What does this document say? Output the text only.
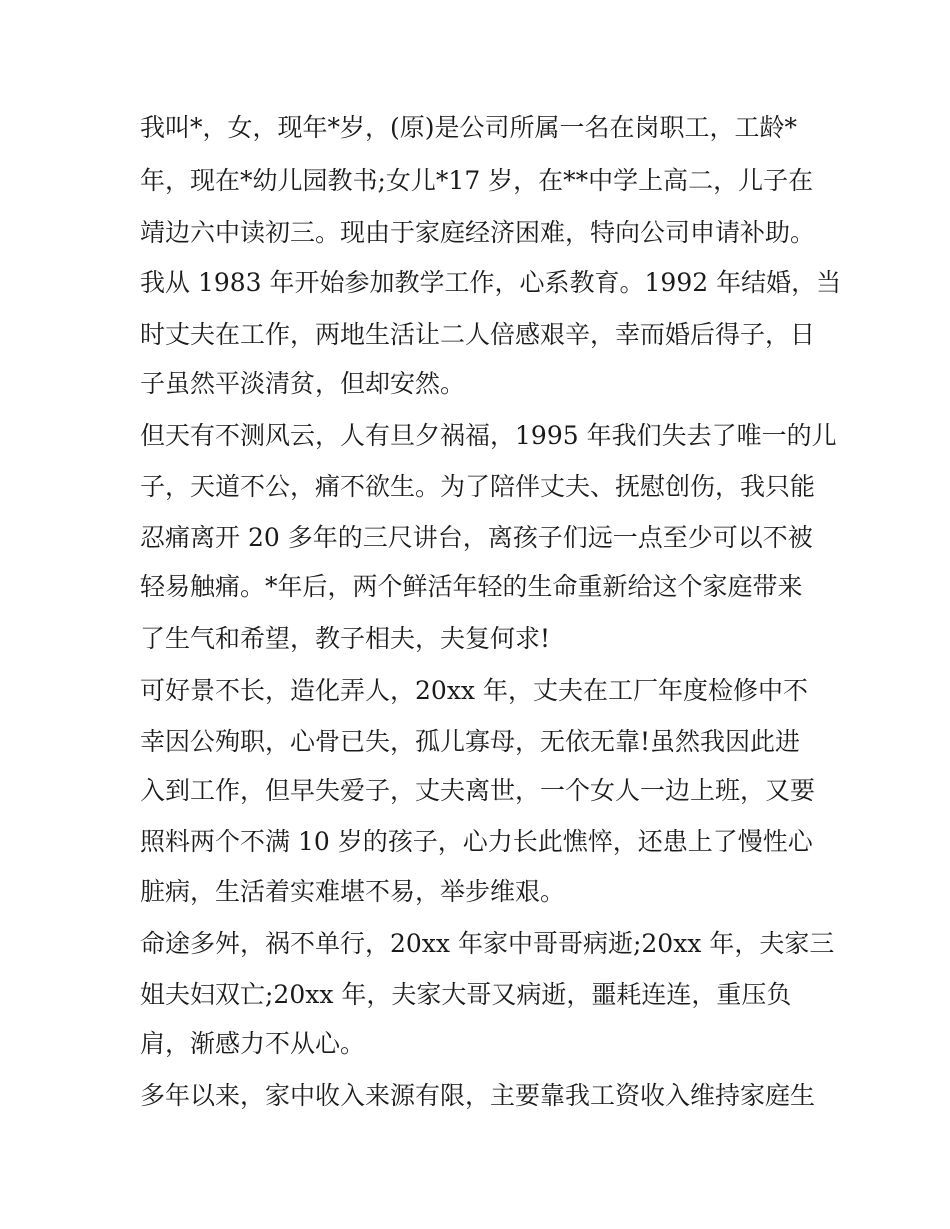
我叫*，女，现年*岁，(原)是公司所属一名在岗职工，工龄*
年，现在*幼儿园教书;女儿*17 岁，在**中学上高二，儿子在
靖边六中读初三。现由于家庭经济困难，特向公司申请补助。
我从 1983 年开始参加教学工作，心系教育。1992 年结婚，当
时丈夫在工作，两地生活让二人倍感艰辛，幸而婚后得子，日
子虽然平淡清贫，但却安然。
但天有不测风云，人有旦夕祸福，1995 年我们失去了唯一的儿
子，天道不公，痛不欲生。为了陪伴丈夫、抚慰创伤，我只能
忍痛离开 20 多年的三尺讲台，离孩子们远一点至少可以不被
轻易触痛。*年后，两个鲜活年轻的生命重新给这个家庭带来
了生气和希望，教子相夫，夫复何求!
可好景不长，造化弄人，20xx 年，丈夫在工厂年度检修中不
幸因公殉职，心骨已失，孤儿寡母，无依无靠!虽然我因此进
入到工作，但早失爱子，丈夫离世，一个女人一边上班，又要
照料两个不满 10 岁的孩子，心力长此憔悴，还患上了慢性心
脏病，生活着实难堪不易，举步维艰。
命途多舛，祸不单行，20xx 年家中哥哥病逝;20xx 年，夫家三
姐夫妇双亡;20xx 年，夫家大哥又病逝，噩耗连连，重压负
肩，渐感力不从心。
多年以来，家中收入来源有限，主要靠我工资收入维持家庭生
